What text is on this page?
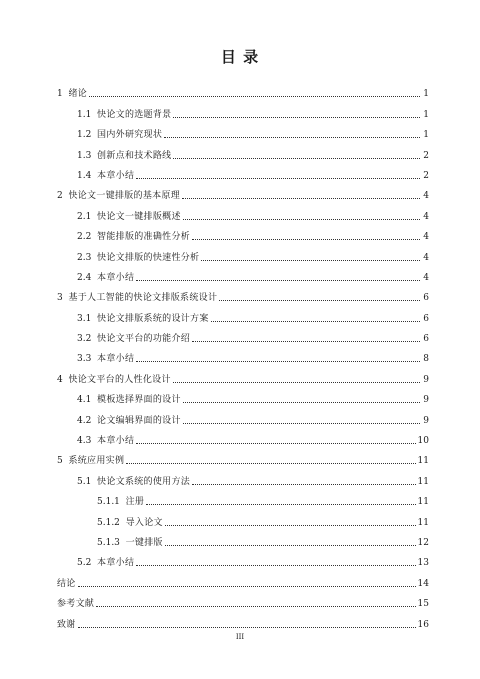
目 录
1 绪论	1
1.1 快论文的选题背景	1
1.2 国内外研究现状	1
1.3 创新点和技术路线	2
1.4 本章小结	2
2 快论文一键排版的基本原理	4
2.1 快论文一键排版概述	4
2.2 智能排版的准确性分析	4
2.3 快论文排版的快速性分析	4
2.4 本章小结	4
3 基于人工智能的快论文排版系统设计	6
3.1 快论文排版系统的设计方案	6
3.2 快论文平台的功能介绍	6
3.3 本章小结	8
4 快论文平台的人性化设计	9
4.1 模板选择界面的设计	9
4.2 论文编辑界面的设计	9
4.3 本章小结	10
5 系统应用实例	11
5.1 快论文系统的使用方法	11
5.1.1 注册	11
5.1.2 导入论文	11
5.1.3 一键排版	12
5.2 本章小结	13
结论	14
参考文献	15
致谢	16
III
